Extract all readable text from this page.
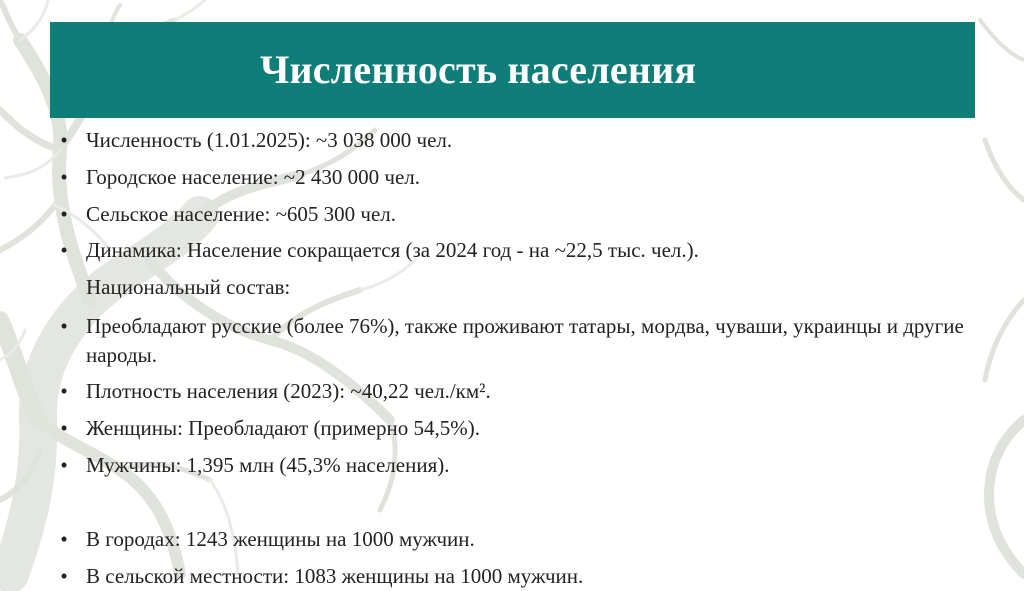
Численность населения
• Численность (1.01.2025): ~3 038 000 чел.
• Городское население: ~2 430 000 чел.
• Сельское население: ~605 300 чел.
• Динамика: Население сокращается (за 2024 год - на ~22,5 тыс. чел.).
Национальный состав:
• Преобладают русские (более 76%), также проживают татары, мордва, чуваши, украинцы и другие народы.
• Плотность населения (2023): ~40,22 чел./км².
• Женщины: Преобладают (примерно 54,5%).
• Мужчины: 1,395 млн (45,3% населения).
• В городах: 1243 женщины на 1000 мужчин.
• В сельской местности: 1083 женщины на 1000 мужчин.
